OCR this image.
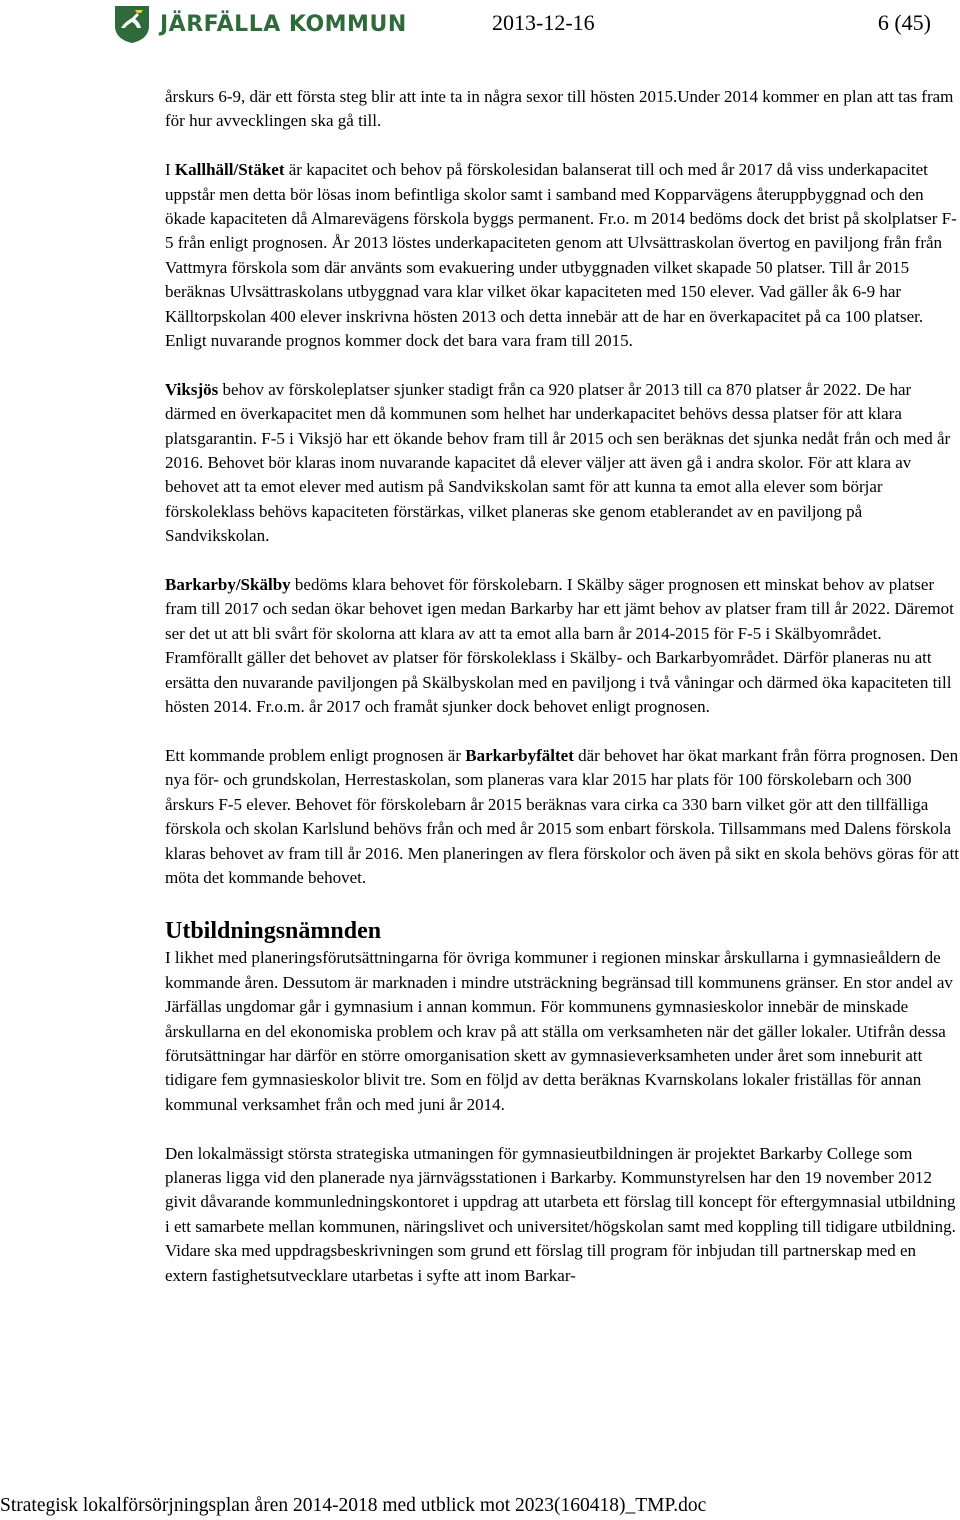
JÄRFÄLLA KOMMUN	2013-12-16	6 (45)

årskurs 6-9, där ett första steg blir att inte ta in några sexor till hösten 2015.Under 2014 kommer en plan att tas fram för hur avvecklingen ska gå till.

I Kallhäll/Stäket är kapacitet och behov på förskolesidan balanserat till och med år 2017 då viss underkapacitet uppstår men detta bör lösas inom befintliga skolor samt i samband med Kopparvägens återuppbyggnad och den ökade kapaciteten då Almarevägens förskola byggs permanent. Fr.o. m 2014 bedöms dock det brist på skolplatser F-5 från enligt prognosen. År 2013 löstes underkapaciteten genom att Ulvsättraskolan övertog en paviljong från från Vattmyra förskola som där använts som evakuering under utbyggnaden vilket skapade 50 platser. Till år 2015 beräknas Ulvsättraskolans utbyggnad vara klar vilket ökar kapaciteten med 150 elever. Vad gäller åk 6-9 har Källtorpskolan 400 elever inskrivna hösten 2013 och detta innebär att de har en överkapacitet på ca 100 platser. Enligt nuvarande prognos kommer dock det bara vara fram till 2015.

Viksjös behov av förskoleplatser sjunker stadigt från ca 920 platser år 2013 till ca 870 platser år 2022. De har därmed en överkapacitet men då kommunen som helhet har underkapacitet behövs dessa platser för att klara platsgarantin. F-5 i Viksjö har ett ökande behov fram till år 2015 och sen beräknas det sjunka nedåt från och med år 2016. Behovet bör klaras inom nuvarande kapacitet då elever väljer att även gå i andra skolor. För att klara av behovet att ta emot elever med autism på Sandvikskolan samt för att kunna ta emot alla elever som börjar förskoleklass behövs kapaciteten förstärkas, vilket planeras ske genom etablerandet av en paviljong på Sandvikskolan.

Barkarby/Skälby bedöms klara behovet för förskolebarn. I Skälby säger prognosen ett minskat behov av platser fram till 2017 och sedan ökar behovet igen medan Barkarby har ett jämt behov av platser fram till år 2022. Däremot ser det ut att bli svårt för skolorna att klara av att ta emot alla barn år 2014-2015 för F-5 i Skälbyområdet. Framförallt gäller det behovet av platser för förskoleklass i Skälby- och Barkarbyområdet. Därför planeras nu att ersätta den nuvarande paviljongen på Skälbyskolan med en paviljong i två våningar och därmed öka kapaciteten till hösten 2014. Fr.o.m. år 2017 och framåt sjunker dock behovet enligt prognosen.

Ett kommande problem enligt prognosen är Barkarbyfältet där behovet har ökat markant från förra prognosen. Den nya för- och grundskolan, Herrestaskolan, som planeras vara klar 2015 har plats för 100 förskolebarn och 300 årskurs F-5 elever. Behovet för förskolebarn år 2015 beräknas vara cirka ca 330 barn vilket gör att den tillfälliga förskola och skolan Karlslund behövs från och med år 2015 som enbart förskola. Tillsammans med Dalens förskola klaras behovet av fram till år 2016. Men planeringen av flera förskolor och även på sikt en skola behövs göras för att möta det kommande behovet.

Utbildningsnämnden

I likhet med planeringsförutsättningarna för övriga kommuner i regionen minskar årskullarna i gymnasieåldern de kommande åren. Dessutom är marknaden i mindre utsträckning begränsad till kommunens gränser. En stor andel av Järfällas ungdomar går i gymnasium i annan kommun. För kommunens gymnasieskolor innebär de minskade årskullarna en del ekonomiska problem och krav på att ställa om verksamheten när det gäller lokaler. Utifrån dessa förutsättningar har därför en större omorganisation skett av gymnasieverksamheten under året som inneburit att tidigare fem gymnasieskolor blivit tre. Som en följd av detta beräknas Kvarnskolans lokaler friställas för annan kommunal verksamhet från och med juni år 2014.

Den lokalmässigt största strategiska utmaningen för gymnasieutbildningen är projektet Barkarby College som planeras ligga vid den planerade nya järnvägsstationen i Barkarby. Kommunstyrelsen har den 19 november 2012 givit dåvarande kommunledningskontoret i uppdrag att utarbeta ett förslag till koncept för eftergymnasial utbildning i ett samarbete mellan kommunen, näringslivet och universitet/högskolan samt med koppling till tidigare utbildning. Vidare ska med uppdragsbeskrivningen som grund ett förslag till program för inbjudan till partnerskap med en extern fastighetsutvecklare utarbetas i syfte att inom Barkar-

Strategisk lokalförsörjningsplan åren 2014-2018 med utblick mot 2023(160418)_TMP.doc
